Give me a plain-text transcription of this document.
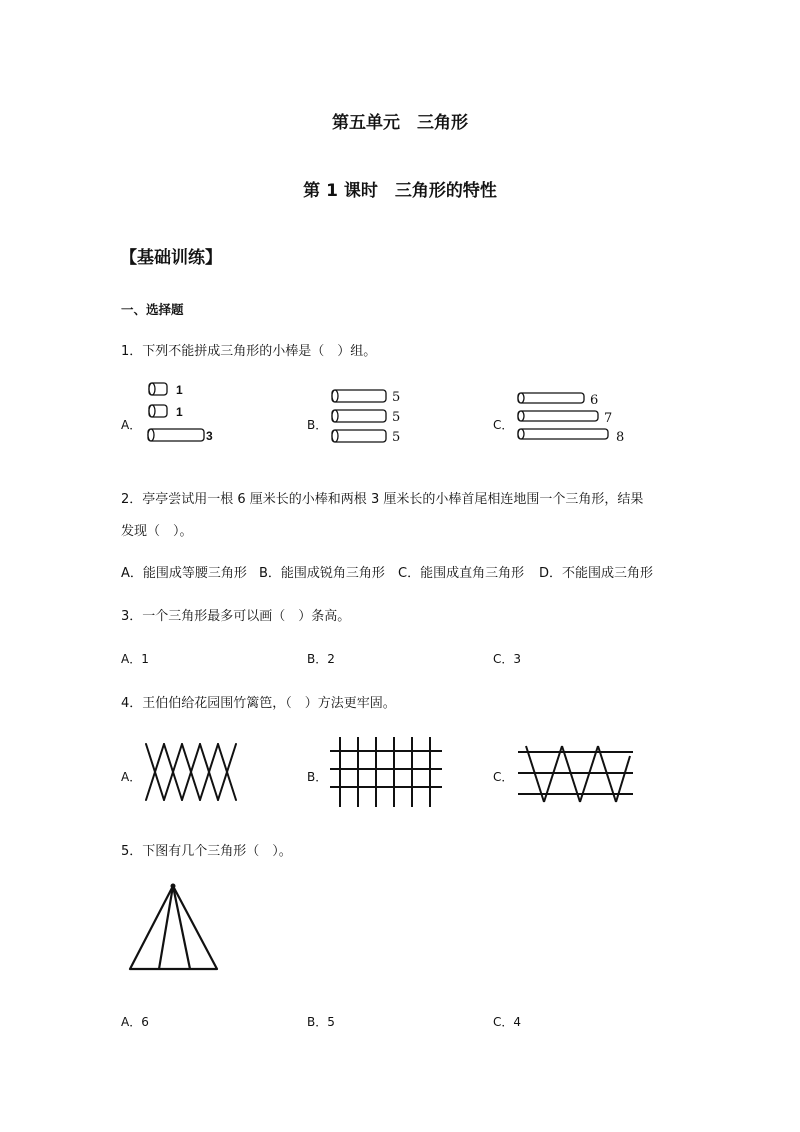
第五单元　三角形
第 1 课时　三角形的特性
【基础训练】
一、选择题
1．下列不能拼成三角形的小棒是（　）组。
A．
1
1
3
B．
5
5
5
C．
6
7
8
2．亭亭尝试用一根 6 厘米长的小棒和两根 3 厘米长的小棒首尾相连地围一个三角形，结果
发现（　）。
A．能围成等腰三角形 B．能围成锐角三角形 C．能围成直角三角形 D．不能围成三角形
3．一个三角形最多可以画（　）条高。
A．1	B．2	C．3
4．王伯伯给花园围竹篱笆，（　）方法更牢固。
A．	B．	C．
5．下图有几个三角形（　）。
A．6	B．5	C．4
